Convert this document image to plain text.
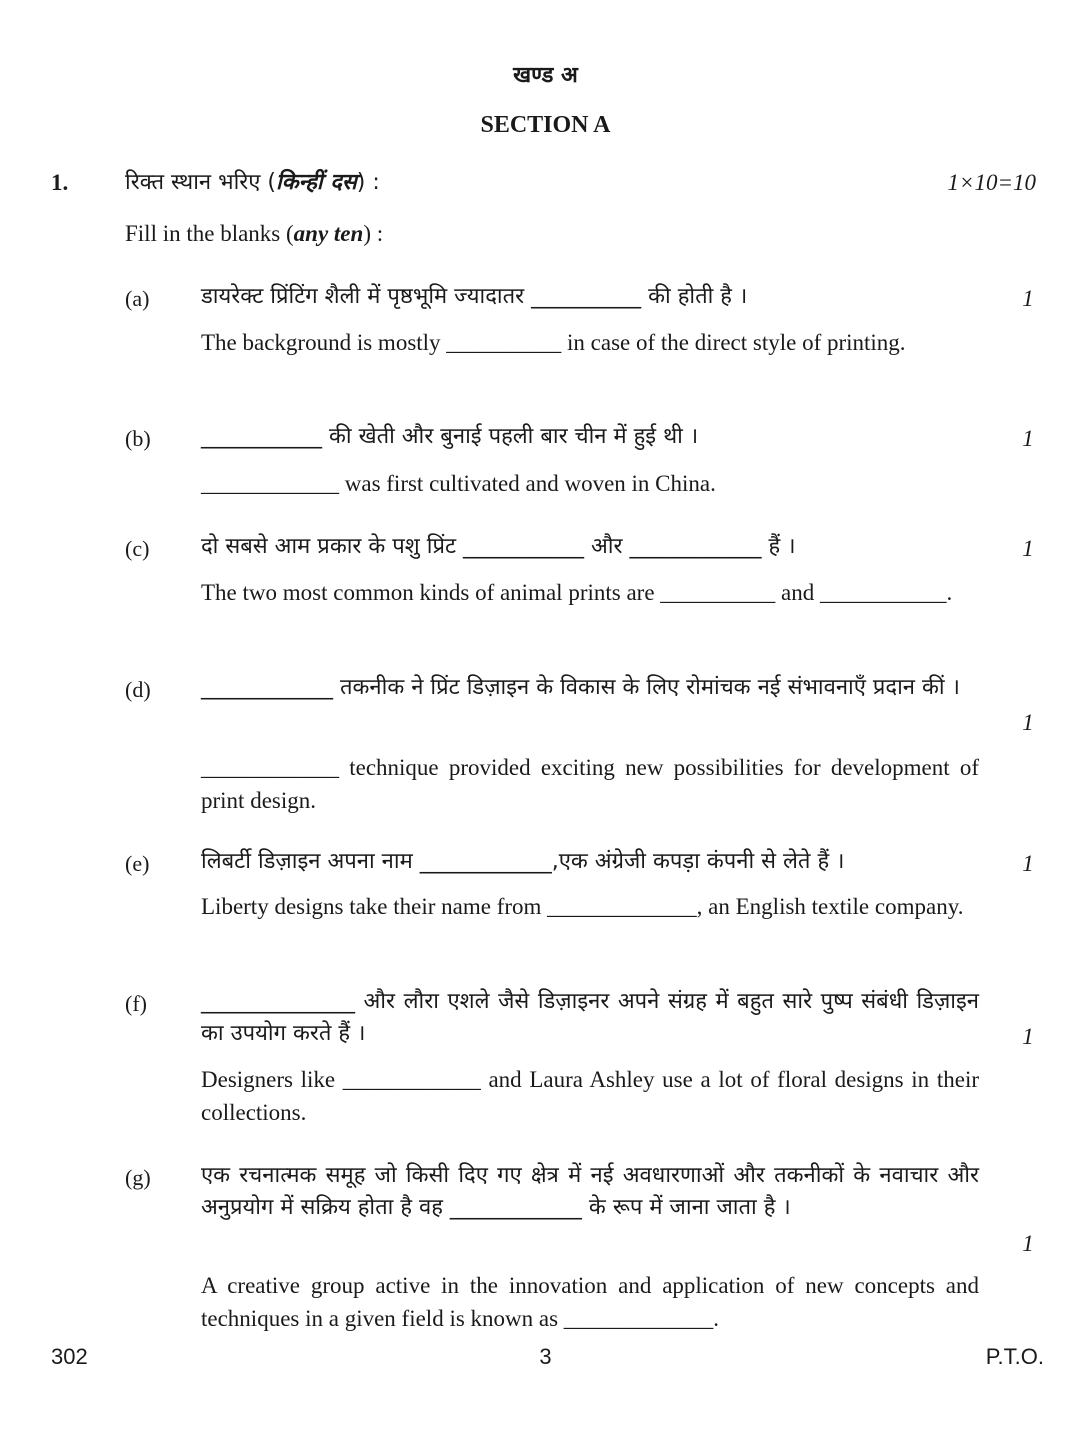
खण्ड अ
SECTION A
1.	रिक्त स्थान भरिए (किन्हीं दस) :	1×10=10
Fill in the blanks (any ten) :
(a) डायरेक्ट प्रिंटिंग शैली में पृष्ठभूमि ज्यादातर __________ की होती है ।	1

The background is mostly __________ in case of the direct style of printing.

(b) ___________ की खेती और बुनाई पहली बार चीन में हुई थी ।	1

____________ was first cultivated and woven in China.

(c) दो सबसे आम प्रकार के पशु प्रिंट ___________ और ____________ हैं ।	1

The two most common kinds of animal prints are __________ and ___________.

(d) ____________ तकनीक ने प्रिंट डिज़ाइन के विकास के लिए रोमांचक नई संभावनाएँ प्रदान कीं ।

1

____________ technique provided exciting new possibilities for development of print design.

(e) लिबर्टी डिज़ाइन अपना नाम ____________,एक अंग्रेजी कपड़ा कंपनी से लेते हैं ।	1

Liberty designs take their name from _____________, an English textile company.

(f) ______________ और लौरा एशले जैसे डिज़ाइनर अपने संग्रह में बहुत सारे पुष्प संबंधी डिज़ाइन का उपयोग करते हैं ।	1

Designers like ____________ and Laura Ashley use a lot of floral designs in their collections.

(g) एक रचनात्मक समूह जो किसी दिए गए क्षेत्र में नई अवधारणाओं और तकनीकों के नवाचार और अनुप्रयोग में सक्रिय होता है वह ____________ के रूप में जाना जाता है ।

1

A creative group active in the innovation and application of new concepts and techniques in a given field is known as _____________.

302	3	P.T.O.
